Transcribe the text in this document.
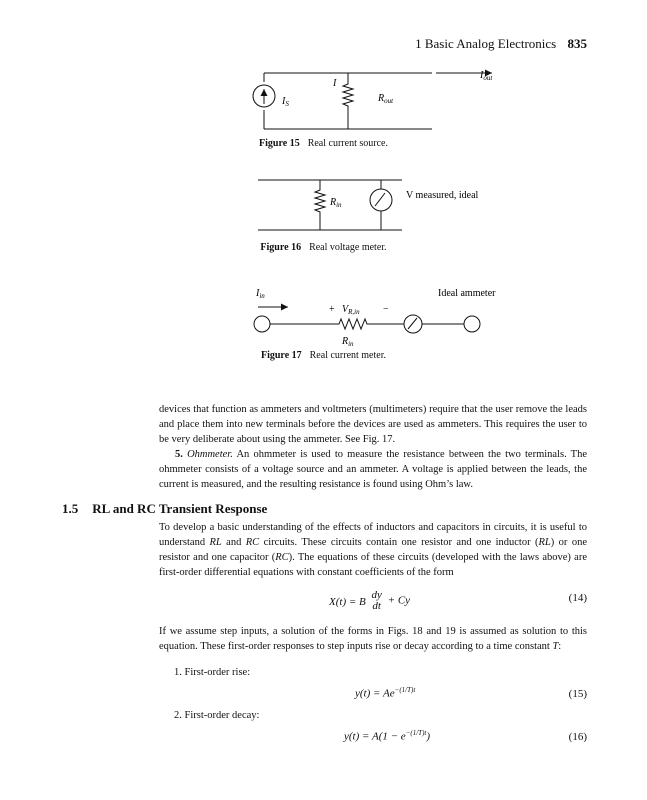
1 Basic Analog Electronics 835
I
$I_S$	$R_{out}$
$I_{out}$
$R_{in}$
V measured, ideal
$I_{in}$	Ideal ammeter
+ $V_{R,in}$ −
$R_{in}$
Figure 15 Real current source.
Figure 16 Real voltage meter.
Figure 17 Real current meter.

devices that function as ammeters and voltmeters (multimeters) require that the user remove the leads and place them into new terminals before the devices are used as ammeters. This requires the user to be very deliberate about using the ammeter. See Fig. 17.

5. Ohmmeter. An ohmmeter is used to measure the resistance between the two terminals. The ohmmeter consists of a voltage source and an ammeter. A voltage is applied between the leads, the current is measured, and the resulting resistance is found using Ohm’s law.

1.5 RL and RC Transient Response

To develop a basic understanding of the effects of inductors and capacitors in circuits, it is useful to understand RL and RC circuits. These circuits contain one resistor and one inductor (RL) or one resistor and one capacitor (RC). The equations of these circuits (developed with the laws above) are first-order differential equations with constant coefficients of the form

X(t) = B
dy
dt + Cy	(14)

If we assume step inputs, a solution of the forms in Figs. 18 and 19 is assumed as solution to this equation. These first-order responses to step inputs rise or decay according to a time constant T:

1. First-order rise:
$y(t) = Ae^{-(1/T)t}$	(15)
2. First-order decay:
$y(t) = A(1 - e^{-(1/T)t})$	(16)
